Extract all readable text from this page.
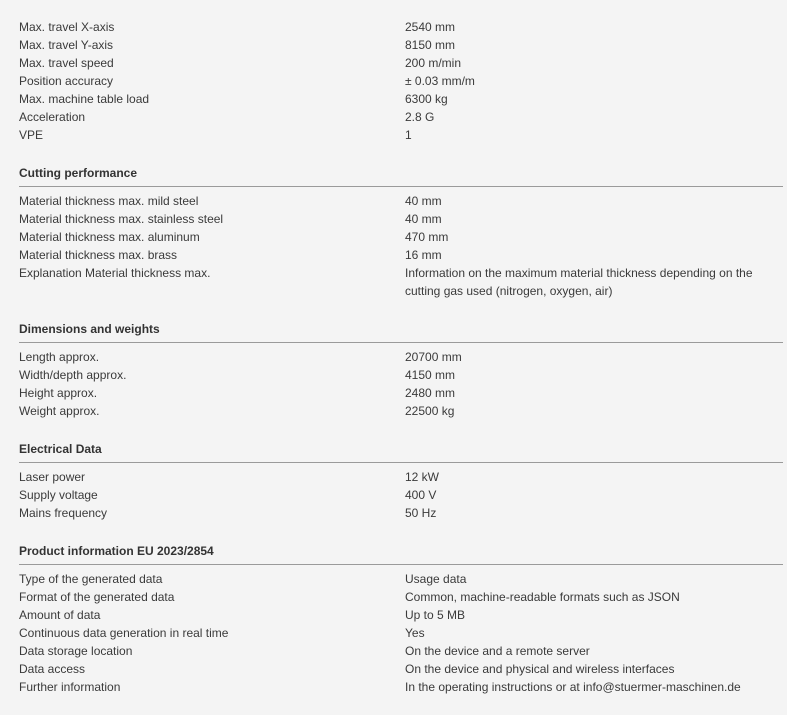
Max. travel X-axis	2540 mm
Max. travel Y-axis	8150 mm
Max. travel speed	200 m/min
Position accuracy	± 0.03 mm/m
Max. machine table load	6300 kg
Acceleration	2.8 G
VPE	1
Cutting performance
Material thickness max. mild steel	40 mm
Material thickness max. stainless steel	40 mm
Material thickness max. aluminum	470 mm
Material thickness max. brass	16 mm
Explanation Material thickness max.	Information on the maximum material thickness depending on the cutting gas used (nitrogen, oxygen, air)
Dimensions and weights
Length approx.	20700 mm
Width/depth approx.	4150 mm
Height approx.	2480 mm
Weight approx.	22500 kg
Electrical Data
Laser power	12 kW
Supply voltage	400 V
Mains frequency	50 Hz
Product information EU 2023/2854
Type of the generated data	Usage data
Format of the generated data	Common, machine-readable formats such as JSON
Amount of data	Up to 5 MB
Continuous data generation in real time	Yes
Data storage location	On the device and a remote server
Data access	On the device and physical and wireless interfaces
Further information	In the operating instructions or at info@stuermer-maschinen.de
